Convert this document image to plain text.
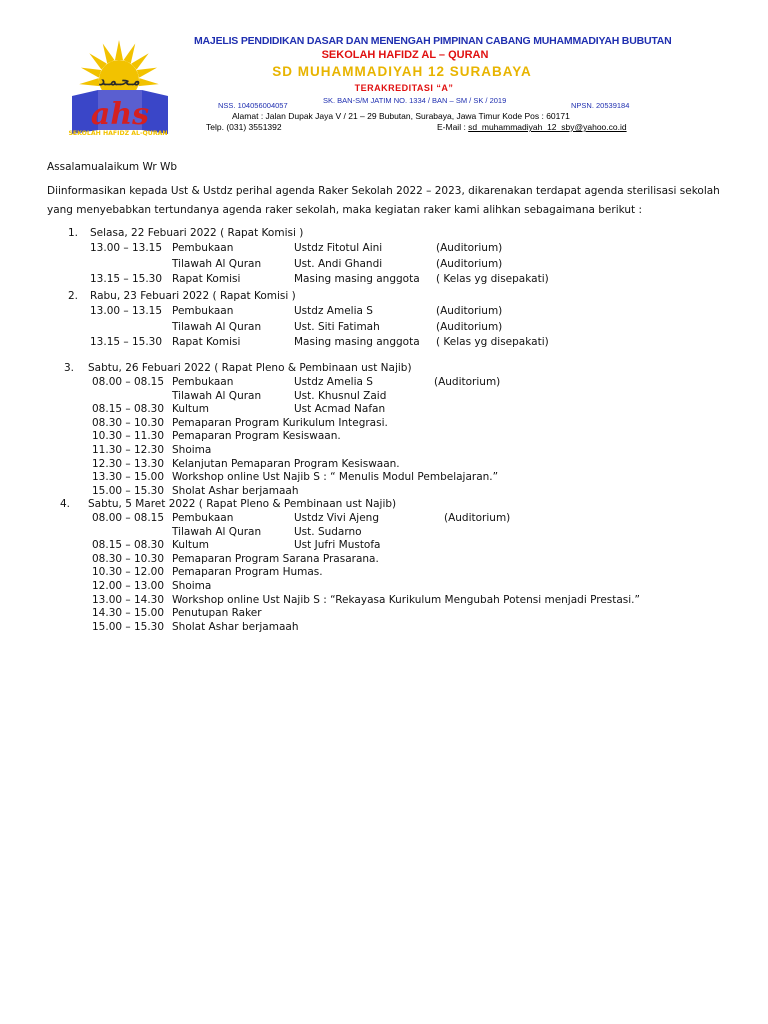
مـحـمـد
ahs
SEKOLAH HAFIDZ AL-QURAN
MAJELIS PENDIDIKAN DASAR DAN MENENGAH PIMPINAN CABANG MUHAMMADIYAH BUBUTAN
SEKOLAH HAFIDZ AL – QURAN
SD MUHAMMADIYAH 12 SURABAYA
TERAKREDITASI “A”
NSS. 104056004057
SK. BAN-S/M JATIM NO. 1334 / BAN – SM / SK / 2019
NPSN. 20539184
Alamat : Jalan Dupak Jaya V / 21 – 29 Bubutan, Surabaya, Jawa Timur Kode Pos : 60171
Telp. (031) 3551392	E-Mail : sd_muhammadiyah_12_sby@yahoo.co.id
Assalamualaikum Wr Wb
Diinformasikan kepada Ust & Ustdz perihal agenda Raker Sekolah 2022 – 2023, dikarenakan terdapat agenda sterilisasi sekolah yang menyebabkan tertundanya agenda raker sekolah, maka kegiatan raker kami alihkan sebagaimana berikut :
1. Selasa, 22 Febuari 2022 ( Rapat Komisi )
13.00 – 13.15 Pembukaan	Ustdz Fitotul Aini	(Auditorium)
Tilawah Al Quran	Ust. Andi Ghandi	(Auditorium)
13.15 – 15.30 Rapat Komisi	Masing masing anggota ( Kelas yg disepakati)
2. Rabu, 23 Febuari 2022 ( Rapat Komisi )
13.00 – 13.15 Pembukaan	Ustdz Amelia S	(Auditorium)
Tilawah Al Quran	Ust. Siti Fatimah	(Auditorium)
13.15 – 15.30 Rapat Komisi	Masing masing anggota ( Kelas yg disepakati)
3. Sabtu, 26 Febuari 2022 ( Rapat Pleno & Pembinaan ust Najib)
08.00 – 08.15 Pembukaan	Ustdz Amelia S	(Auditorium)
Tilawah Al Quran	Ust. Khusnul Zaid
08.15 – 08.30 Kultum	Ust Acmad Nafan
08.30 – 10.30 Pemaparan Program Kurikulum Integrasi.
10.30 – 11.30 Pemaparan Program Kesiswaan.
11.30 – 12.30 Shoima
12.30 – 13.30 Kelanjutan Pemaparan Program Kesiswaan.
13.30 – 15.00 Workshop online Ust Najib S : “ Menulis Modul Pembelajaran.”
15.00 – 15.30 Sholat Ashar berjamaah
4. Sabtu, 5 Maret 2022 ( Rapat Pleno & Pembinaan ust Najib)
08.00 – 08.15 Pembukaan	Ustdz Vivi Ajeng	(Auditorium)
Tilawah Al Quran	Ust. Sudarno
08.15 – 08.30 Kultum	Ust Jufri Mustofa
08.30 – 10.30 Pemaparan Program Sarana Prasarana.
10.30 – 12.00 Pemaparan Program Humas.
12.00 – 13.00 Shoima
13.00 – 14.30 Workshop online Ust Najib S : “Rekayasa Kurikulum Mengubah Potensi menjadi Prestasi.”
14.30 – 15.00 Penutupan Raker
15.00 – 15.30 Sholat Ashar berjamaah
